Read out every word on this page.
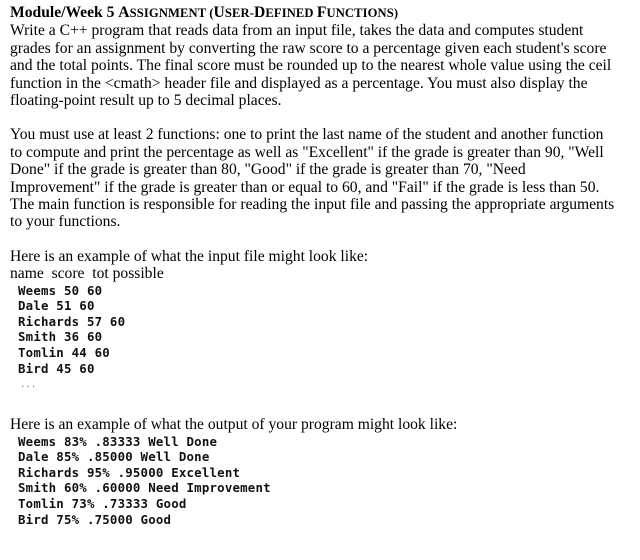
Module/Week 5 ASSIGNMENT (USER-DEFINED FUNCTIONS)

Write a C++ program that reads data from an input file, takes the data and computes student
grades for an assignment by converting the raw score to a percentage given each student's score
and the total points. The final score must be rounded up to the nearest whole value using the ceil
function in the <cmath> header file and displayed as a percentage. You must also display the
floating-point result up to 5 decimal places.
You must use at least 2 functions: one to print the last name of the student and another function
to compute and print the percentage as well as "Excellent" if the grade is greater than 90, "Well
Done" if the grade is greater than 80, "Good" if the grade is greater than 70, "Need
Improvement" if the grade is greater than or equal to 60, and "Fail" if the grade is less than 50.
The main function is responsible for reading the input file and passing the appropriate arguments
to your functions.
Here is an example of what the input file might look like:
name  score  tot possible
Weems 50 60
Dale 51 60
Richards 57 60
Smith 36 60
Tomlin 44 60
Bird 45 60
...
Here is an example of what the output of your program might look like:
Weems 83% .83333 Well Done
Dale 85% .85000 Well Done
Richards 95% .95000 Excellent
Smith 60% .60000 Need Improvement
Tomlin 73% .73333 Good
Bird 75% .75000 Good
